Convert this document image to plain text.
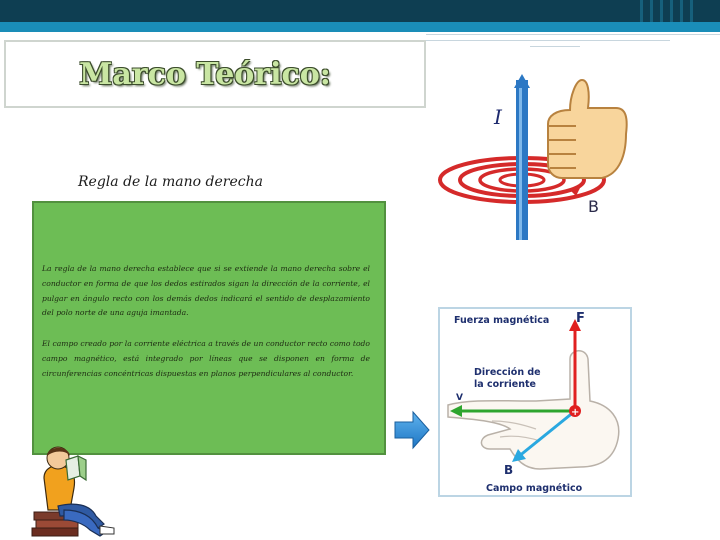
Marco Teórico:
Regla de la mano derecha

La regla de la mano derecha establece que si se extiende la mano derecha sobre el conductor en forma de que los dedos estirados sigan la dirección de la corriente, el pulgar en ángulo recto con los demás dedos indicará el sentido de desplazamiento del polo norte de una aguja imantada.

El campo creado por la corriente eléctrica a través de un conductor recto como todo campo magnético, está integrado por líneas que se disponen en forma de circunferencias concéntricas dispuestas en planos perpendiculares al conductor.

I
B
+
Fuerza magnética F
Dirección de
la corriente
V
B
Campo magnético
